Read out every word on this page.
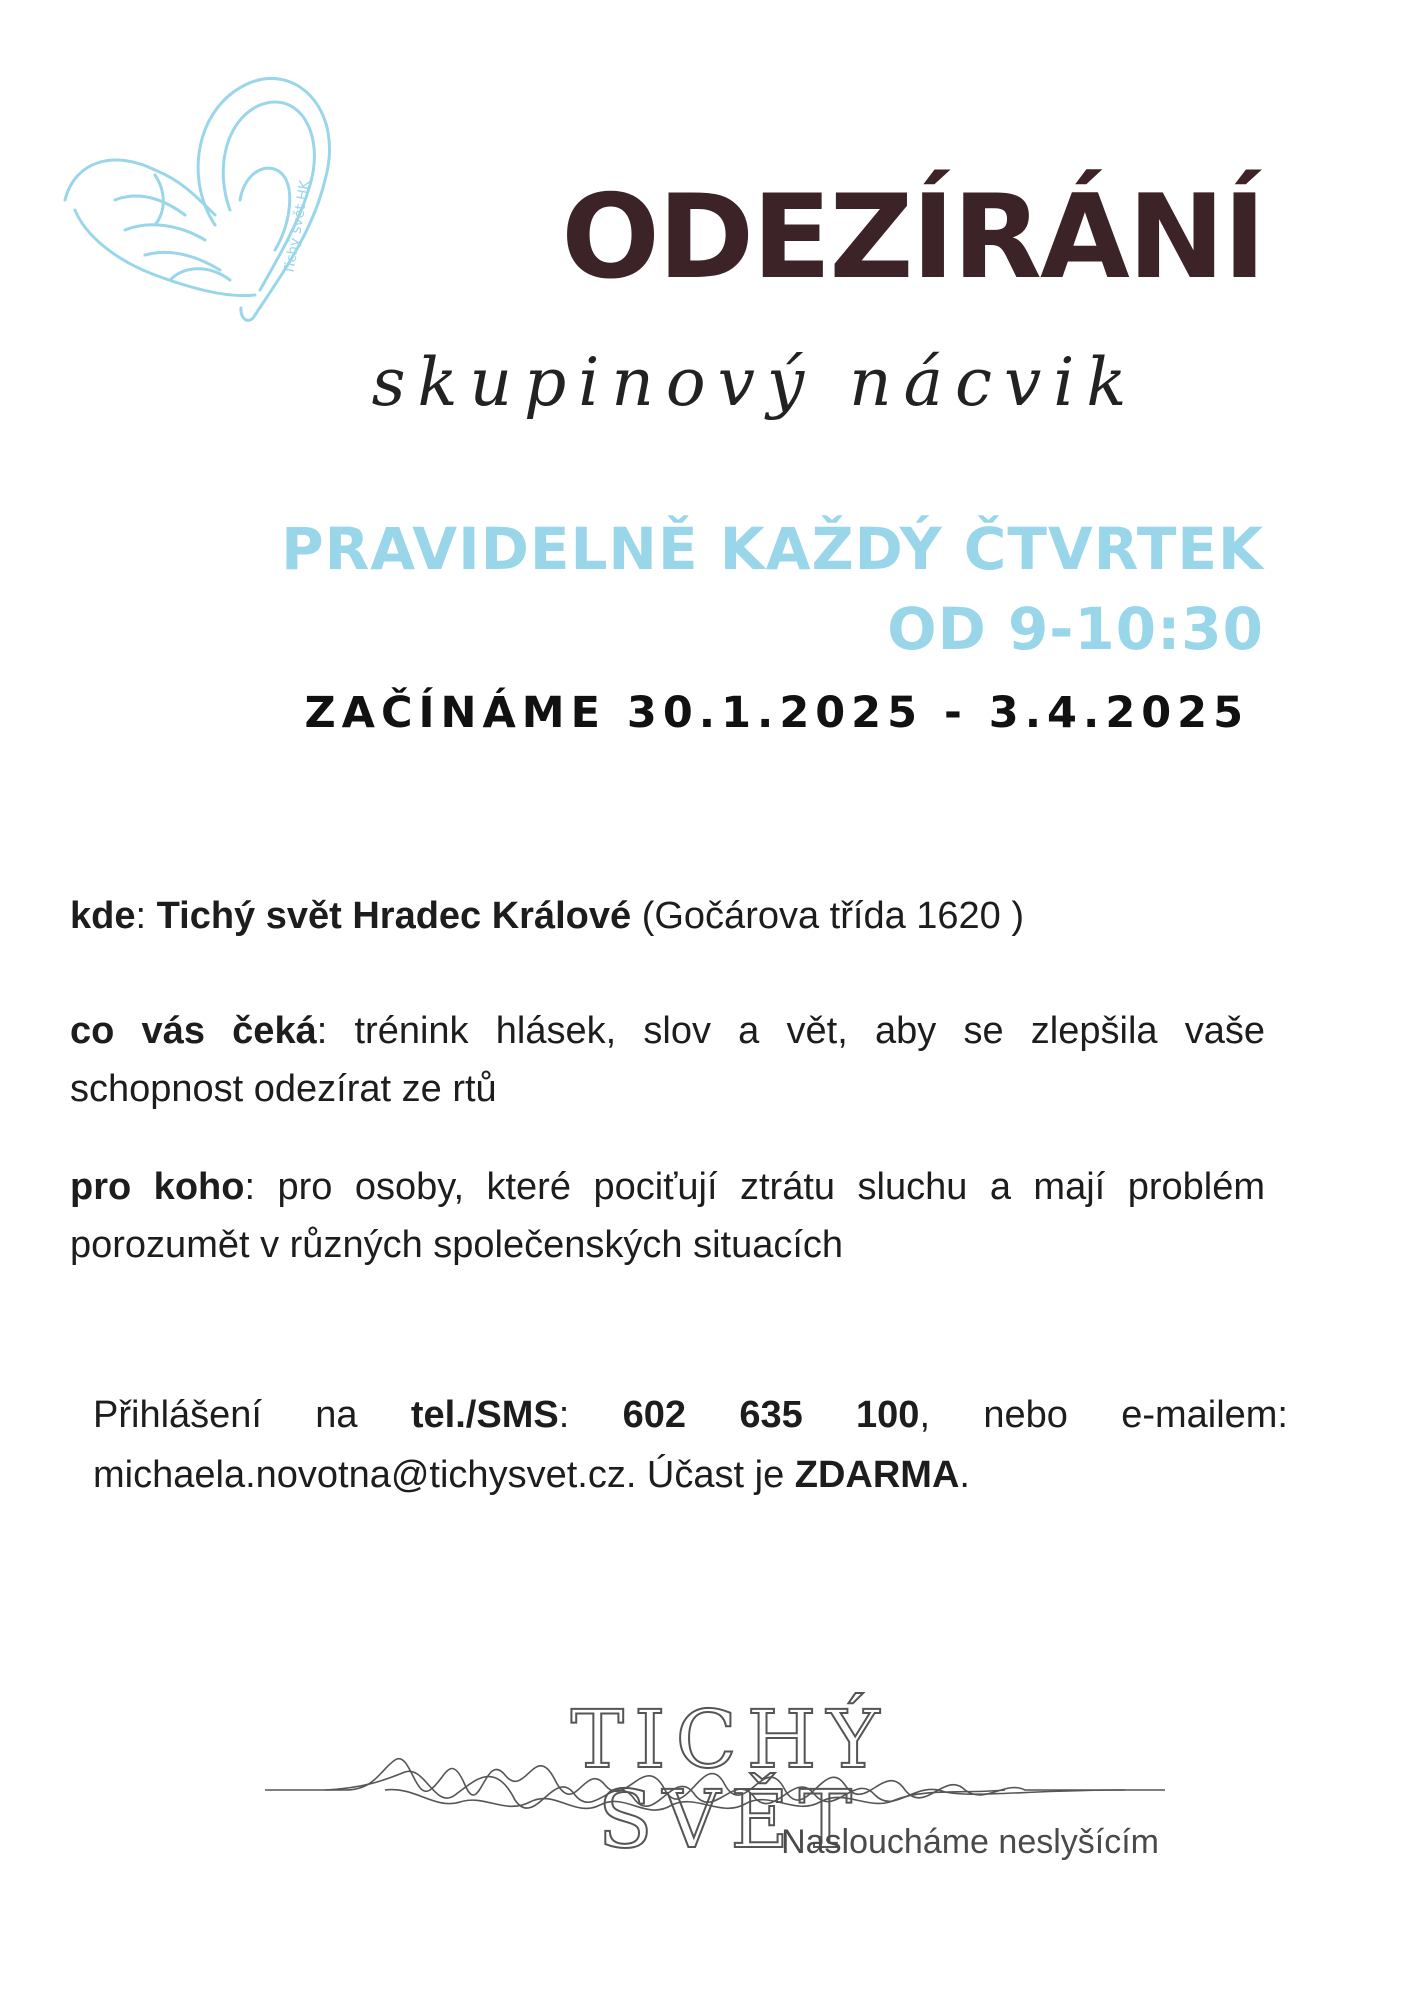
Tichý svět HK ODEZÍRÁNÍ
skupinový nácvik
PRAVIDELNĚ KAŽDÝ ČTVRTEK
OD 9-10:30
ZAČÍNÁME 30.1.2025 - 3.4.2025
kde: Tichý svět Hradec Králové (Gočárova třída 1620 )
co vás čeká: trénink hlásek, slov a vět, aby se zlepšila vaše schopnost odezírat ze rtů
pro koho: pro osoby, které pociťují ztrátu sluchu a mají problém porozumět v různých společenských situacích
Přihlášení na tel./SMS: 602 635 100, nebo e-mailem: michaela.novotna@tichysvet.cz. Účast je ZDARMA.
TICHÝ SVĚT
Nasloucháme neslyšícím
